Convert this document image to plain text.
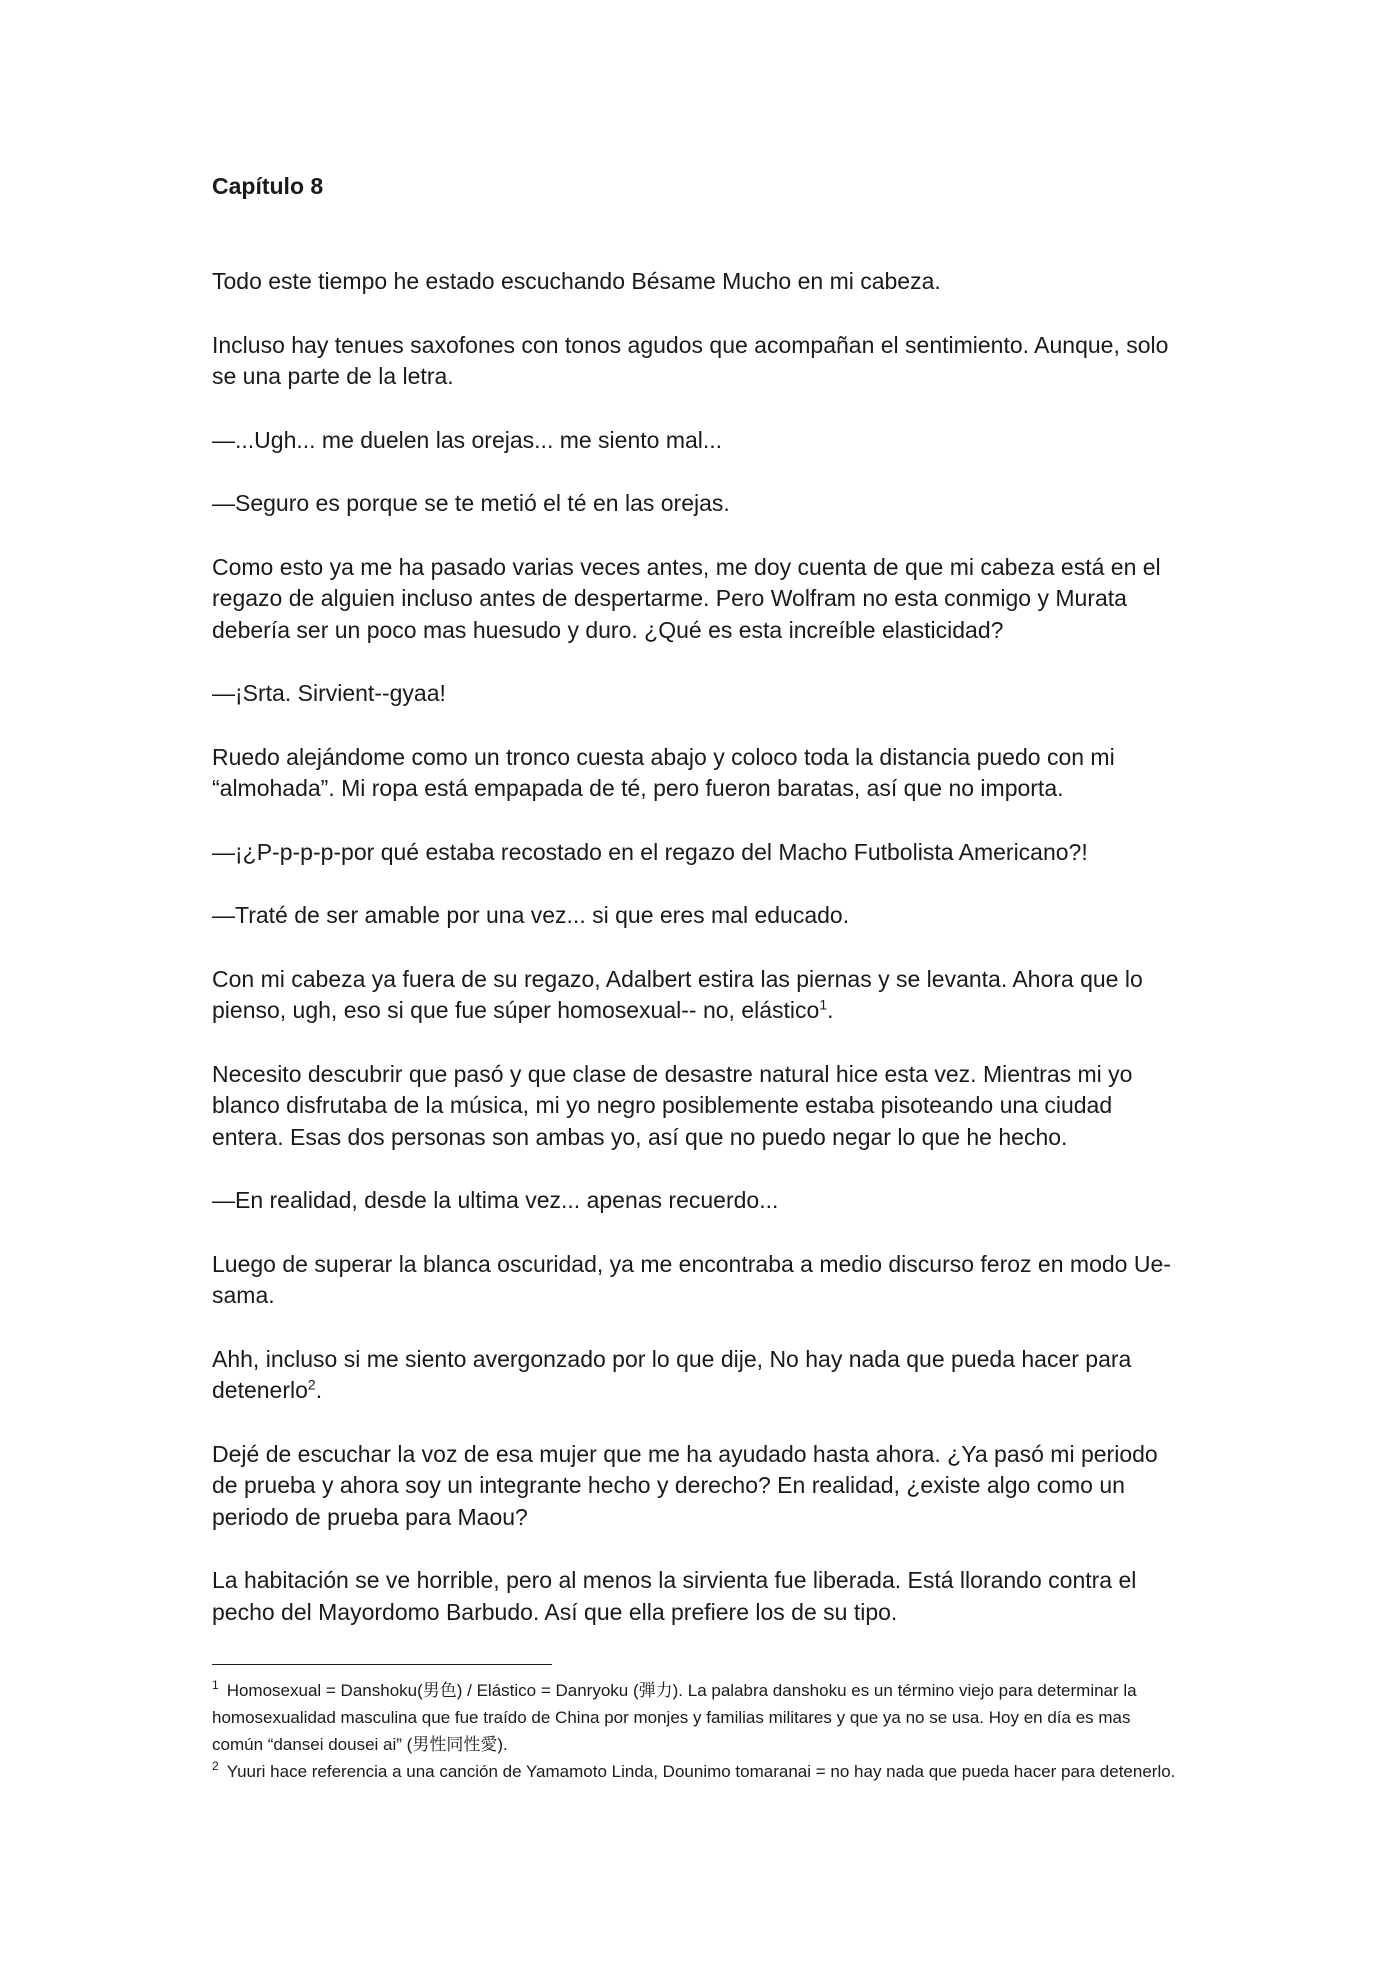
Capítulo 8

Todo este tiempo he estado escuchando Bésame Mucho en mi cabeza.

Incluso hay tenues saxofones con tonos agudos que acompañan el sentimiento. Aunque, solo se una parte de la letra.

—...Ugh... me duelen las orejas... me siento mal...

—Seguro es porque se te metió el té en las orejas.

Como esto ya me ha pasado varias veces antes, me doy cuenta de que mi cabeza está en el regazo de alguien incluso antes de despertarme. Pero Wolfram no esta conmigo y Murata debería ser un poco mas huesudo y duro. ¿Qué es esta increíble elasticidad?

—¡Srta. Sirvient--gyaa!

Ruedo alejándome como un tronco cuesta abajo y coloco toda la distancia puedo con mi “almohada”. Mi ropa está empapada de té, pero fueron baratas, así que no importa.

—¡¿P-p-p-p-por qué estaba recostado en el regazo del Macho Futbolista Americano?!

—Traté de ser amable por una vez... si que eres mal educado.

Con mi cabeza ya fuera de su regazo, Adalbert estira las piernas y se levanta. Ahora que lo pienso, ugh, eso si que fue súper homosexual-- no, elástico$^1$.

Necesito descubrir que pasó y que clase de desastre natural hice esta vez. Mientras mi yo blanco disfrutaba de la música, mi yo negro posiblemente estaba pisoteando una ciudad entera. Esas dos personas son ambas yo, así que no puedo negar lo que he hecho.

—En realidad, desde la ultima vez... apenas recuerdo...

Luego de superar la blanca oscuridad, ya me encontraba a medio discurso feroz en modo Ue-sama.

Ahh, incluso si me siento avergonzado por lo que dije, No hay nada que pueda hacer para detenerlo$^2$.

Dejé de escuchar la voz de esa mujer que me ha ayudado hasta ahora. ¿Ya pasó mi periodo de prueba y ahora soy un integrante hecho y derecho? En realidad, ¿existe algo como un periodo de prueba para Maou?

La habitación se ve horrible, pero al menos la sirvienta fue liberada. Está llorando contra el pecho del Mayordomo Barbudo. Así que ella prefiere los de su tipo.

$^1$ Homosexual = Danshoku(男色) / Elástico = Danryoku (弾力). La palabra danshoku es un término viejo para determinar la homosexualidad masculina que fue traído de China por monjes y familias militares y que ya no se usa. Hoy en día es mas común “dansei dousei ai” (男性同性愛).

$^2$ Yuuri hace referencia a una canción de Yamamoto Linda, Dounimo tomaranai = no hay nada que pueda hacer para detenerlo.
